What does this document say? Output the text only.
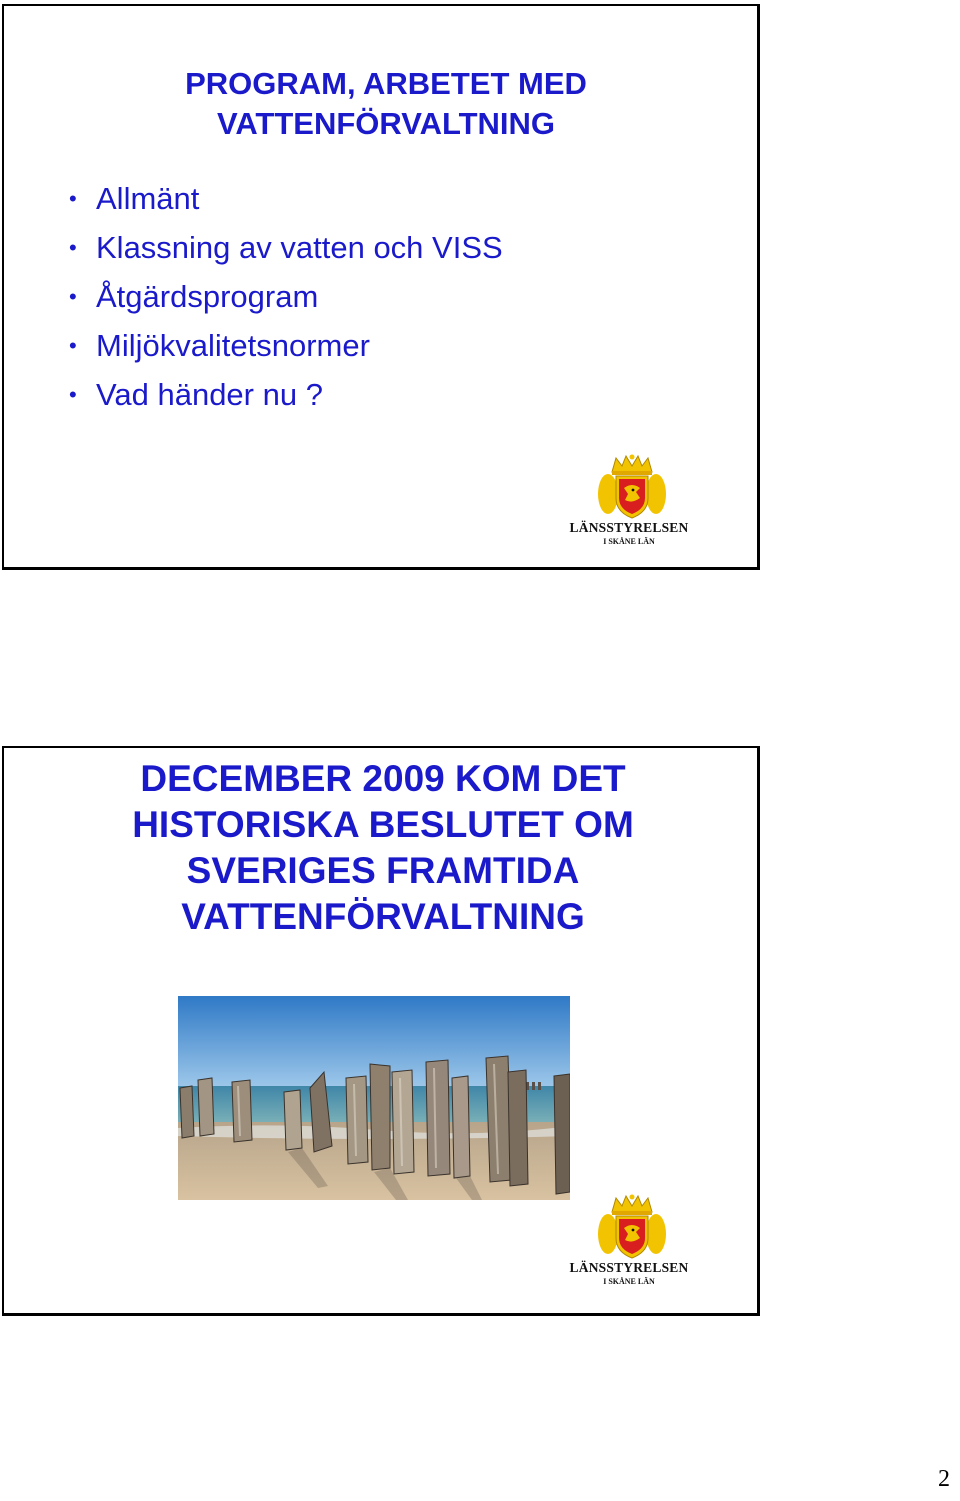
PROGRAM, ARBETET MED
VATTENFÖRVALTNING
• Allmänt
• Klassning av vatten och VISS
• Åtgärdsprogram
• Miljökvalitetsnormer
• Vad händer nu ?
LÄNSSTYRELSEN
I SKÅNE LÄN
DECEMBER 2009 KOM DET
HISTORISKA BESLUTET OM
SVERIGES FRAMTIDA
VATTENFÖRVALTNING
LÄNSSTYRELSEN
I SKÅNE LÄN
2
